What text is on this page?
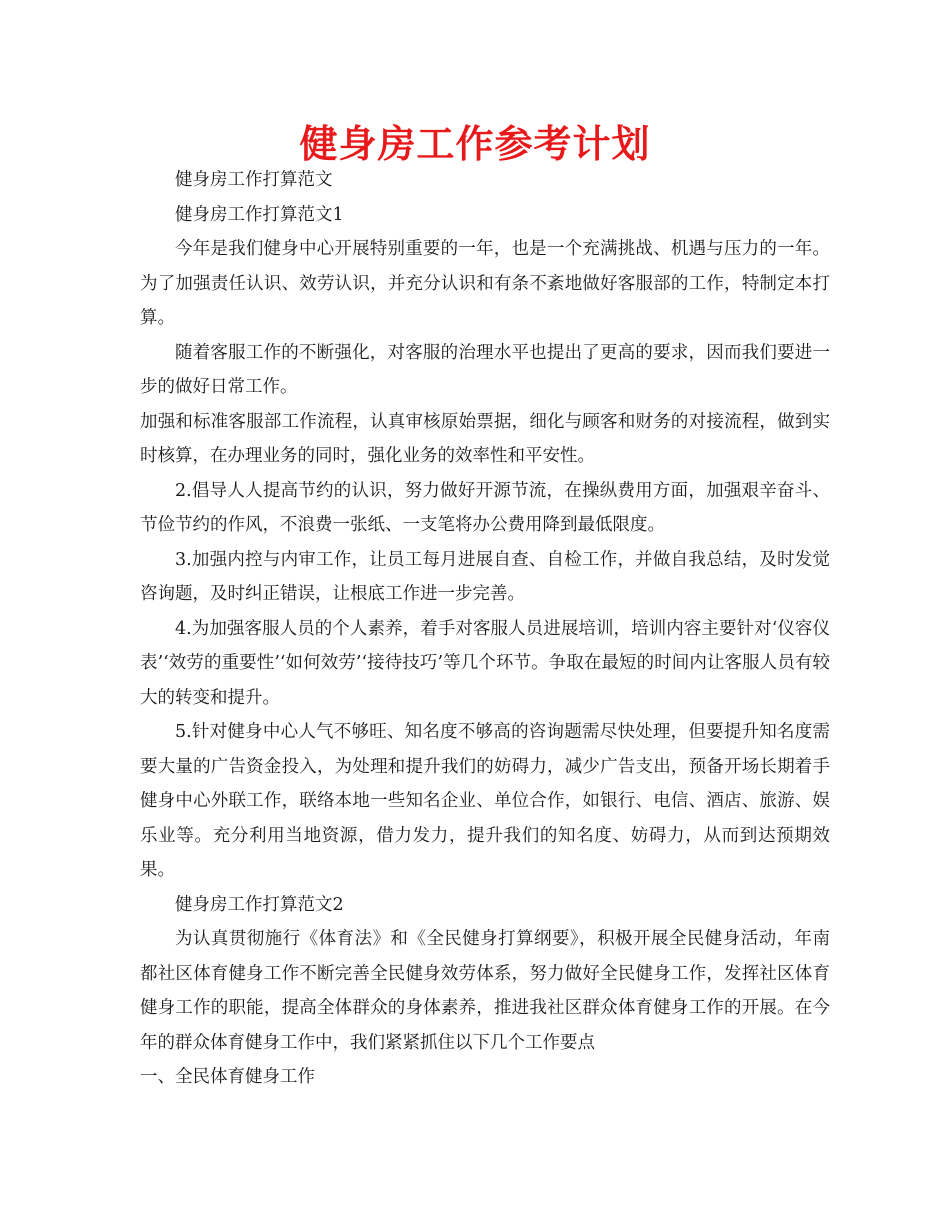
健身房工作参考计划

健身房工作打算范文

健身房工作打算范文1

今年是我们健身中心开展特别重要的一年，也是一个充满挑战、机遇与压力的一年。为了加强责任认识、效劳认识，并充分认识和有条不紊地做好客服部的工作，特制定本打算。

随着客服工作的不断强化，对客服的治理水平也提出了更高的要求，因而我们要进一步的做好日常工作。

加强和标准客服部工作流程，认真审核原始票据，细化与顾客和财务的对接流程，做到实时核算，在办理业务的同时，强化业务的效率性和平安性。

2.倡导人人提高节约的认识，努力做好开源节流，在操纵费用方面，加强艰辛奋斗、节俭节约的作风，不浪费一张纸、一支笔将办公费用降到最低限度。

3.加强内控与内审工作，让员工每月进展自查、自检工作，并做自我总结，及时发觉咨询题，及时纠正错误，让根底工作进一步完善。

4.为加强客服人员的个人素养，着手对客服人员进展培训，培训内容主要针对‘仪容仪表’‘效劳的重要性’‘如何效劳’‘接待技巧’等几个环节。争取在最短的时间内让客服人员有较大的转变和提升。

5.针对健身中心人气不够旺、知名度不够高的咨询题需尽快处理，但要提升知名度需要大量的广告资金投入，为处理和提升我们的妨碍力，减少广告支出，预备开场长期着手健身中心外联工作，联络本地一些知名企业、单位合作，如银行、电信、酒店、旅游、娱乐业等。充分利用当地资源，借力发力，提升我们的知名度、妨碍力，从而到达预期效果。

健身房工作打算范文2

为认真贯彻施行《体育法》和《全民健身打算纲要》，积极开展全民健身活动，年南都社区体育健身工作不断完善全民健身效劳体系，努力做好全民健身工作，发挥社区体育健身工作的职能，提高全体群众的身体素养，推进我社区群众体育健身工作的开展。在今年的群众体育健身工作中，我们紧紧抓住以下几个工作要点

一、全民体育健身工作
